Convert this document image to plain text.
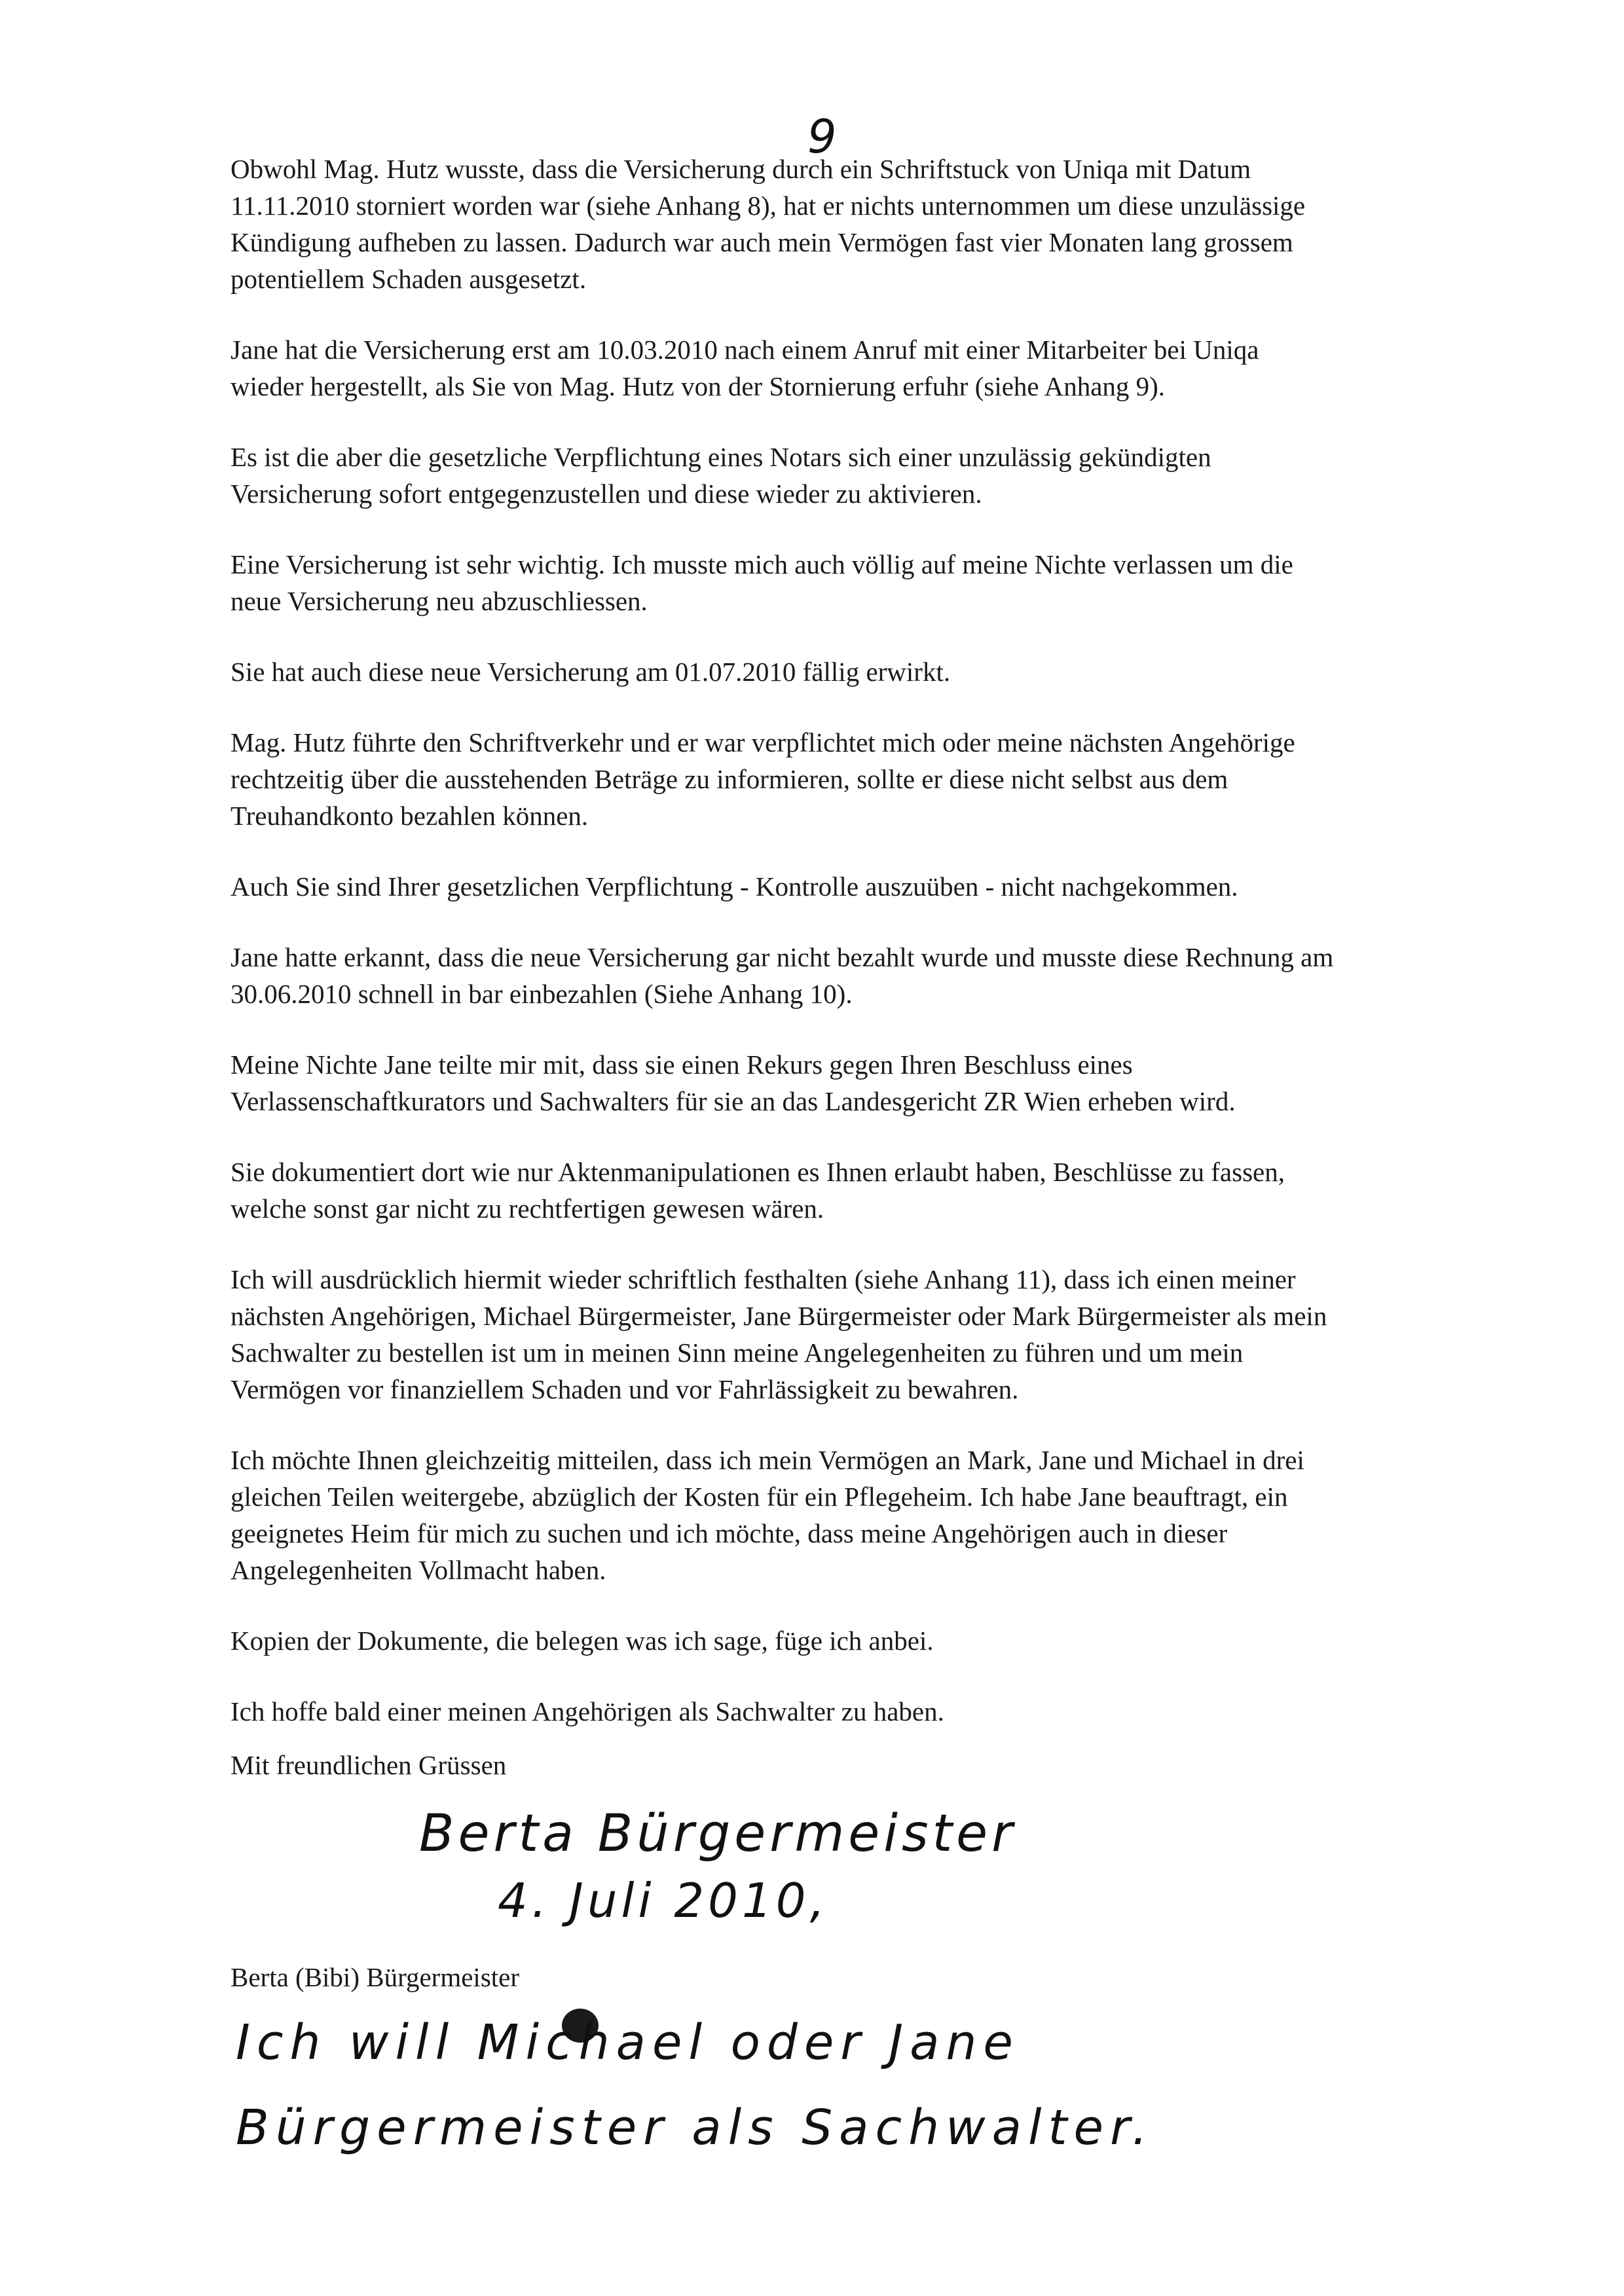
9

Obwohl Mag. Hutz wusste, dass die Versicherung durch ein Schriftstuck von Uniqa mit Datum
11.11.2010 storniert worden war (siehe Anhang 8), hat er nichts unternommen um diese unzulässige
Kündigung aufheben zu lassen. Dadurch war auch mein Vermögen fast vier Monaten lang grossem
potentiellem Schaden ausgesetzt.

Jane hat die Versicherung erst am 10.03.2010 nach einem Anruf mit einer Mitarbeiter bei Uniqa
wieder hergestellt, als Sie von Mag. Hutz von der Stornierung erfuhr (siehe Anhang 9).

Es ist die aber die gesetzliche Verpflichtung eines Notars sich einer unzulässig gekündigten
Versicherung sofort entgegenzustellen und diese wieder zu aktivieren.

Eine Versicherung ist sehr wichtig. Ich musste mich auch völlig auf meine Nichte verlassen um die
neue Versicherung neu abzuschliessen.

Sie hat auch diese neue Versicherung am 01.07.2010 fällig erwirkt.

Mag. Hutz führte den Schriftverkehr und er war verpflichtet mich oder meine nächsten Angehörige
rechtzeitig über die ausstehenden Beträge zu informieren, sollte er diese nicht selbst aus dem
Treuhandkonto bezahlen können.

Auch Sie sind Ihrer gesetzlichen Verpflichtung - Kontrolle auszuüben - nicht nachgekommen.

Jane hatte erkannt, dass die neue Versicherung gar nicht bezahlt wurde und musste diese Rechnung am
30.06.2010 schnell in bar einbezahlen (Siehe Anhang 10).

Meine Nichte Jane teilte mir mit, dass sie einen Rekurs gegen Ihren Beschluss eines
Verlassenschaftkurators und Sachwalters für sie an das Landesgericht ZR Wien erheben wird.

Sie dokumentiert dort wie nur Aktenmanipulationen es Ihnen erlaubt haben, Beschlüsse zu fassen,
welche sonst gar nicht zu rechtfertigen gewesen wären.

Ich will ausdrücklich hiermit wieder schriftlich festhalten (siehe Anhang 11), dass ich einen meiner
nächsten Angehörigen, Michael Bürgermeister, Jane Bürgermeister oder Mark Bürgermeister als mein
Sachwalter zu bestellen ist um in meinen Sinn meine Angelegenheiten zu führen und um mein
Vermögen vor finanziellem Schaden und vor Fahrlässigkeit zu bewahren.

Ich möchte Ihnen gleichzeitig mitteilen, dass ich mein Vermögen an Mark, Jane und Michael in drei
gleichen Teilen weitergebe, abzüglich der Kosten für ein Pflegeheim. Ich habe Jane beauftragt, ein
geeignetes Heim für mich zu suchen und ich möchte, dass meine Angehörigen auch in dieser
Angelegenheiten Vollmacht haben.

Kopien der Dokumente, die belegen was ich sage, füge ich anbei.

Ich hoffe bald einer meinen Angehörigen als Sachwalter zu haben.

Mit freundlichen Grüssen
Berta Bürgermeister
4. Juli 2010,
Berta (Bibi) Bürgermeister
Ich will Michael oder Jane
Bürgermeister als Sachwalter.
